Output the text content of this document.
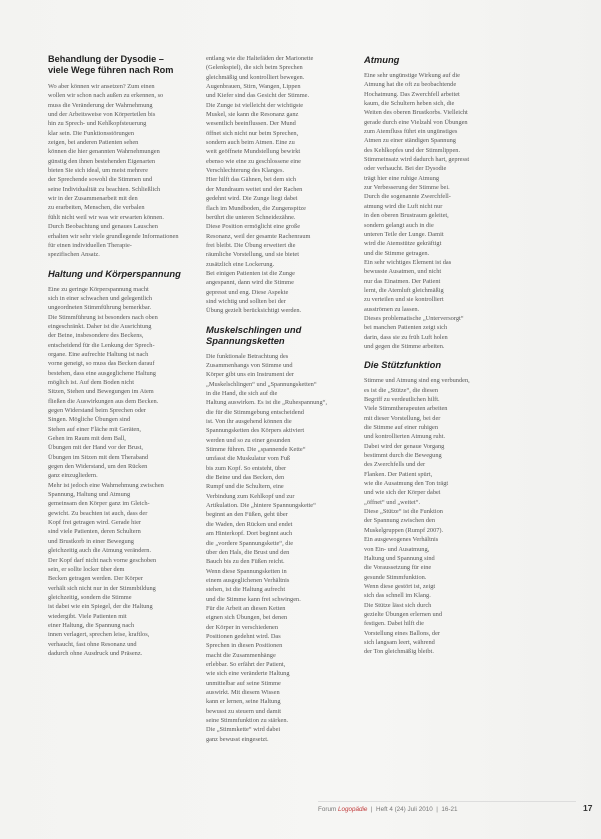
Behandlung der Dysodie –
viele Wege führen nach Rom
Wo aber können wir ansetzen? Zum einen
wollen wir schon nach außen zu erkennen, so
muss die Veränderung der Wahrnehmung
und der Arbeitsweise von Körperteilen bis
hin zu Sprech- und Kehlkopfsteuerung
klar sein. Die Funktionsstörungen
zeigen, bei anderen Patienten sehen
können die hier genannten Wahrnehmungen
günstig den ihnen bestehenden Eigenarten
bieten Sie sich ideal, um meist mehrere
der Sprechende sowohl die Stimmen und
seine Individualität zu beachten. Schließlich
wir in der Zusammenarbeit mit den
zu erarbeiten, Menschen, die verbalen
fühlt nicht weil wir was wir erwarten können.
Durch Beobachtung und genaues Lauschen
erhalten wir sehr viele grundlegende Informationen
für einen individuellen Therapie-
spezifischen Ansatz.
Haltung und Körperspannung
Eine zu geringe Körperspannung macht
sich in einer schwachen und gelegentlich
ungeordneten Stimmführung bemerkbar.
Die Stimmführung ist besonders nach oben
eingeschränkt. Daher ist die Ausrichtung
der Beine, insbesondere des Beckens,
entscheidend für die Lenkung der Sprech-
organe. Eine aufrechte Haltung ist nach
vorne geneigt, so muss das Becken darauf
bestehen, dass eine ausgeglichene Haltung
möglich ist. Auf dem Boden nicht
Sitzen, Stehen und Bewegungen im Atem
fließen die Auswirkungen aus dem Becken.
gegen Widerstand beim Sprechen oder
Singen. Mögliche Übungen sind
Stehen auf einer Fläche mit Geräten,
Gehen im Raum mit dem Ball,
Übungen mit der Hand vor der Brust,
Übungen im Sitzen mit dem Theraband
gegen den Widerstand, um den Rücken
ganz einzugliedern.
Mehr ist jedoch eine Wahrnehmung zwischen
Spannung, Haltung und Atmung
gemeinsam den Körper ganz im Gleich-
gewicht. Zu beachten ist auch, dass der
Kopf frei getragen wird. Gerade hier
sind viele Patienten, deren Schultern
und Brustkorb in einer Bewegung
gleichzeitig auch die Atmung verändern.
Der Kopf darf nicht nach vorne geschoben
sein, er sollte locker über dem
Becken getragen werden. Der Körper
verhält sich nicht nur in der Stimmbildung
gleichzeitig, sondern die Stimme
ist dabei wie ein Spiegel, der die Haltung
wiedergibt. Viele Patienten mit
einer Haltung, die Spannung nach
innen verlagert, sprechen leise, kraftlos,
verhaucht, fast ohne Resonanz und
dadurch ohne Ausdruck und Präsenz.
entlang wie die Haltefäden der Marionette
(Gelenkspiel), die sich beim Sprechen
gleichmäßig und kontrolliert bewegen.
Augenbrauen, Stirn, Wangen, Lippen
und Kiefer sind das Gesicht der Stimme.
Die Zunge ist vielleicht der wichtigste
Muskel, sie kann die Resonanz ganz
wesentlich beeinflussen. Der Mund
öffnet sich nicht nur beim Sprechen,
sondern auch beim Atmen. Eine zu
weit geöffnete Mundstellung bewirkt
ebenso wie eine zu geschlossene eine
Verschlechterung des Klanges.
Hier hilft das Gähnen, bei dem sich
der Mundraum weitet und der Rachen
gedehnt wird. Die Zunge liegt dabei
flach im Mundboden, die Zungenspitze
berührt die unteren Schneidezähne.
Diese Position ermöglicht eine große
Resonanz, weil der gesamte Rachenraum
frei bleibt. Die Übung erweitert die
räumliche Vorstellung, und sie bietet
zusätzlich eine Lockerung.
Bei einigen Patienten ist die Zunge
angespannt, dann wird die Stimme
gepresst und eng. Diese Aspekte
sind wichtig und sollten bei der
Übung gezielt berücksichtigt werden.
Muskelschlingen und
Spannungsketten
Die funktionale Betrachtung des
Zusammenhangs von Stimme und
Körper gibt uns ein Instrument der
„Muskelschlingen“ und „Spannungsketten“
in die Hand, die sich auf die
Haltung auswirken. Es ist die „Ruhespannung“,
die für die Stimmgebung entscheidend
ist. Von ihr ausgehend können die
Spannungsketten des Körpers aktiviert
werden und so zu einer gesunden
Stimme führen. Die „spannende Kette“
umfasst die Muskulatur vom Fuß
bis zum Kopf. So entsteht, über
die Beine und das Becken, den
Rumpf und die Schultern, eine
Verbindung zum Kehlkopf und zur
Artikulation. Die „hintere Spannungskette“
beginnt an den Füßen, geht über
die Waden, den Rücken und endet
am Hinterkopf. Dort beginnt auch
die „vordere Spannungskette“, die
über den Hals, die Brust und den
Bauch bis zu den Füßen reicht.
Wenn diese Spannungsketten in
einem ausgeglichenen Verhältnis
stehen, ist die Haltung aufrecht
und die Stimme kann frei schwingen.
Für die Arbeit an diesen Ketten
eignen sich Übungen, bei denen
der Körper in verschiedenen
Positionen gedehnt wird. Das
Sprechen in diesen Positionen
macht die Zusammenhänge
erlebbar. So erfährt der Patient,
wie sich eine veränderte Haltung
unmittelbar auf seine Stimme
auswirkt. Mit diesem Wissen
kann er lernen, seine Haltung
bewusst zu steuern und damit
seine Stimmfunktion zu stärken.
Die „Stimmkette“ wird dabei
ganz bewusst eingesetzt.
Atmung
Eine sehr ungünstige Wirkung auf die
Atmung hat die oft zu beobachtende
Hochatmung. Das Zwerchfell arbeitet
kaum, die Schultern heben sich, die
Weiten des oberen Brustkorbs. Vielleicht
gerade durch eine Vielzahl von Übungen
zum Atemfluss führt ein ungünstiges
Atmen zu einer ständigen Spannung
des Kehlkopfes und der Stimmlippen.
Stimmeinsatz wird dadurch hart, gepresst
oder verhaucht. Bei der Dysodie
trägt hier eine ruhige Atmung
zur Verbesserung der Stimme bei.
Durch die sogenannte Zwerchfell-
atmung wird die Luft nicht nur
in den oberen Brustraum geleitet,
sondern gelangt auch in die
unteren Teile der Lunge. Damit
wird die Atemstütze gekräftigt
und die Stimme getragen.
Ein sehr wichtiges Element ist das
bewusste Ausatmen, und nicht
nur das Einatmen. Der Patient
lernt, die Atemluft gleichmäßig
zu verteilen und sie kontrolliert
ausströmen zu lassen.
Dieses problematische „Unterversorgt“
bei manchen Patienten zeigt sich
darin, dass sie zu früh Luft holen
und gegen die Stimme arbeiten.
Die Stützfunktion
Stimme und Atmung sind eng verbunden,
es ist die „Stütze“, die diesen
Begriff zu verdeutlichen hilft.
Viele Stimmtherapeuten arbeiten
mit dieser Vorstellung, bei der
die Stimme auf einer ruhigen
und kontrollierten Atmung ruht.
Dabei wird der genaue Vorgang
bestimmt durch die Bewegung
des Zwerchfells und der
Flanken. Der Patient spürt,
wie die Ausatmung den Ton trägt
und wie sich der Körper dabei
„öffnet“ und „weitet“.
Diese „Stütze“ ist die Funktion
der Spannung zwischen den
Muskelgruppen (Rumpf 2007).
Ein ausgewogenes Verhältnis
von Ein- und Ausatmung,
Haltung und Spannung sind
die Voraussetzung für eine
gesunde Stimmfunktion.
Wenn diese gestört ist, zeigt
sich das schnell im Klang.
Die Stütze lässt sich durch
gezielte Übungen erlernen und
festigen. Dabei hilft die
Vorstellung eines Ballons, der
sich langsam leert, während
der Ton gleichmäßig bleibt.
Forum Logopädie  |  Heft 4 (24) Juli 2010  |  16-21	17
